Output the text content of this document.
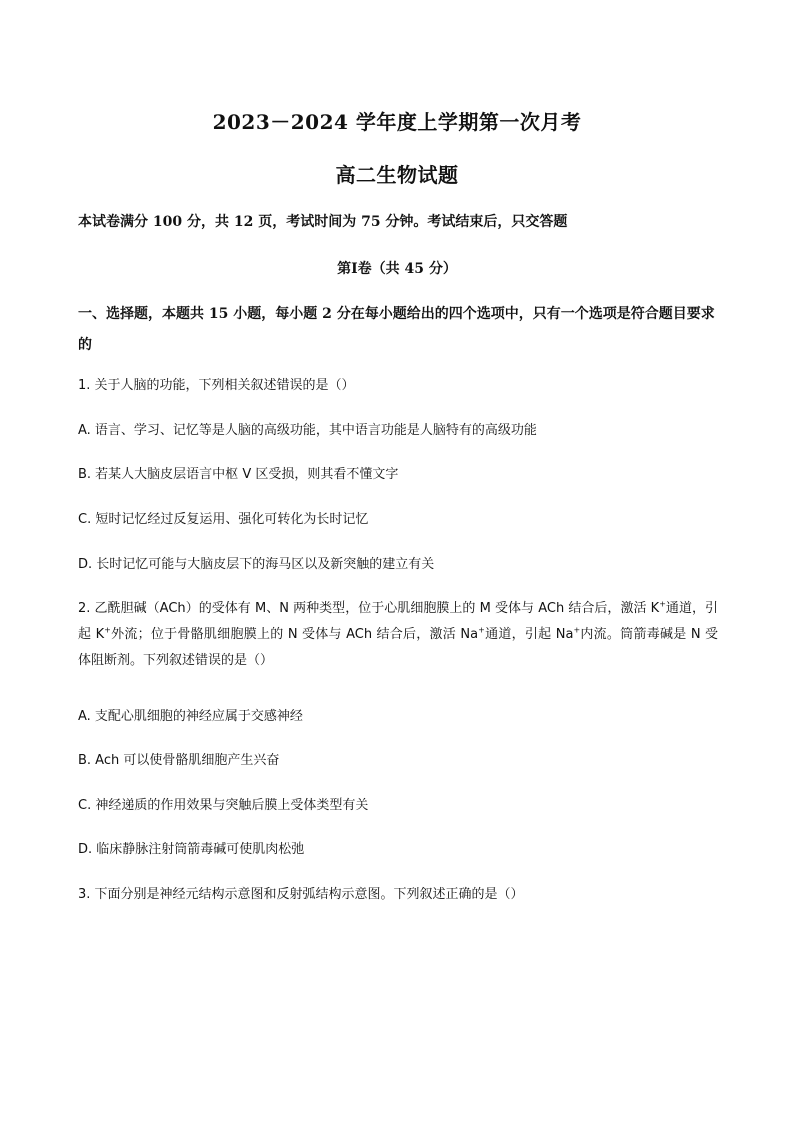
2023－2024 学年度上学期第一次月考
高二生物试题
本试卷满分 100 分，共 12 页，考试时间为 75 分钟。考试结束后，只交答题
第Ⅰ卷（共 45 分）
一、选择题，本题共 15 小题，每小题 2 分在每小题给出的四个选项中，只有一个选项是符合题目要求的
1. 关于人脑的功能，下列相关叙述错误的是（）
A. 语言、学习、记忆等是人脑的高级功能，其中语言功能是人脑特有的高级功能
B. 若某人大脑皮层语言中枢 V 区受损，则其看不懂文字
C. 短时记忆经过反复运用、强化可转化为长时记忆
D. 长时记忆可能与大脑皮层下的海马区以及新突触的建立有关
2. 乙酰胆碱（ACh）的受体有 M、N 两种类型，位于心肌细胞膜上的 M 受体与 ACh 结合后，激活 K+通道，引起 K+外流；位于骨骼肌细胞膜上的 N 受体与 ACh 结合后，激活 Na+通道，引起 Na+内流。筒箭毒碱是 N 受体阻断剂。下列叙述错误的是（）
A. 支配心肌细胞的神经应属于交感神经
B. Ach 可以使骨骼肌细胞产生兴奋
C. 神经递质的作用效果与突触后膜上受体类型有关
D. 临床静脉注射筒箭毒碱可使肌肉松弛
3. 下面分别是神经元结构示意图和反射弧结构示意图。下列叙述正确的是（）
